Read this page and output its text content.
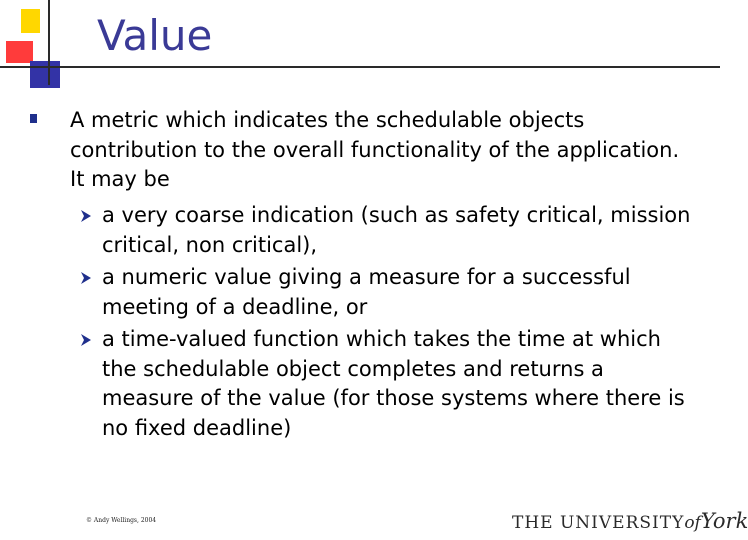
Value
A metric which indicates the schedulable objects contribution to the overall functionality of the application. It may be
a very coarse indication (such as safety critical, mission critical, non critical),
a numeric value giving a measure for a successful meeting of a deadline, or
a time-valued function which takes the time at which the schedulable object completes and returns a measure of the value (for those systems where there is no fixed deadline)
© Andy Wellings, 2004	THE UNIVERSITYofYork
